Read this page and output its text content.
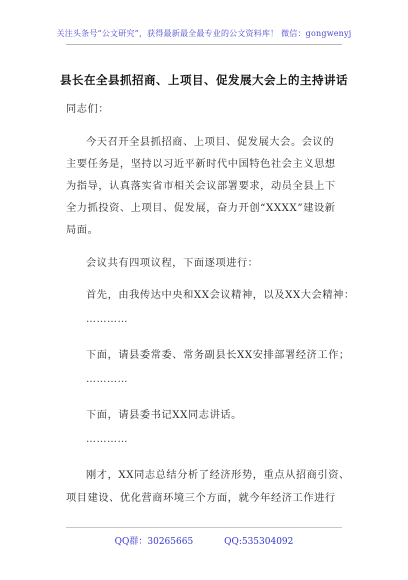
关注头条号“公文研究”，获得最新最全最专业的公文资料库！ 微信：gongwenyj
县长在全县抓招商、上项目、促发展大会上的主持讲话
同志们：
今天召开全县抓招商、上项目、促发展大会。会议的
主要任务是，坚持以习近平新时代中国特色社会主义思想
为指导，认真落实省市相关会议部署要求，动员全县上下
全力抓投资、上项目、促发展，奋力开创“XXXX”建设新
局面。
会议共有四项议程，下面逐项进行：
首先，由我传达中央和XX会议精神，以及XX大会精神：
…………
下面，请县委常委、常务副县长XX安排部署经济工作；
…………
下面，请县委书记XX同志讲话。
…………
刚才，XX同志总结分析了经济形势，重点从招商引资、
项目建设、优化营商环境三个方面，就今年经济工作进行
QQ群：30265665	QQ:535304092
